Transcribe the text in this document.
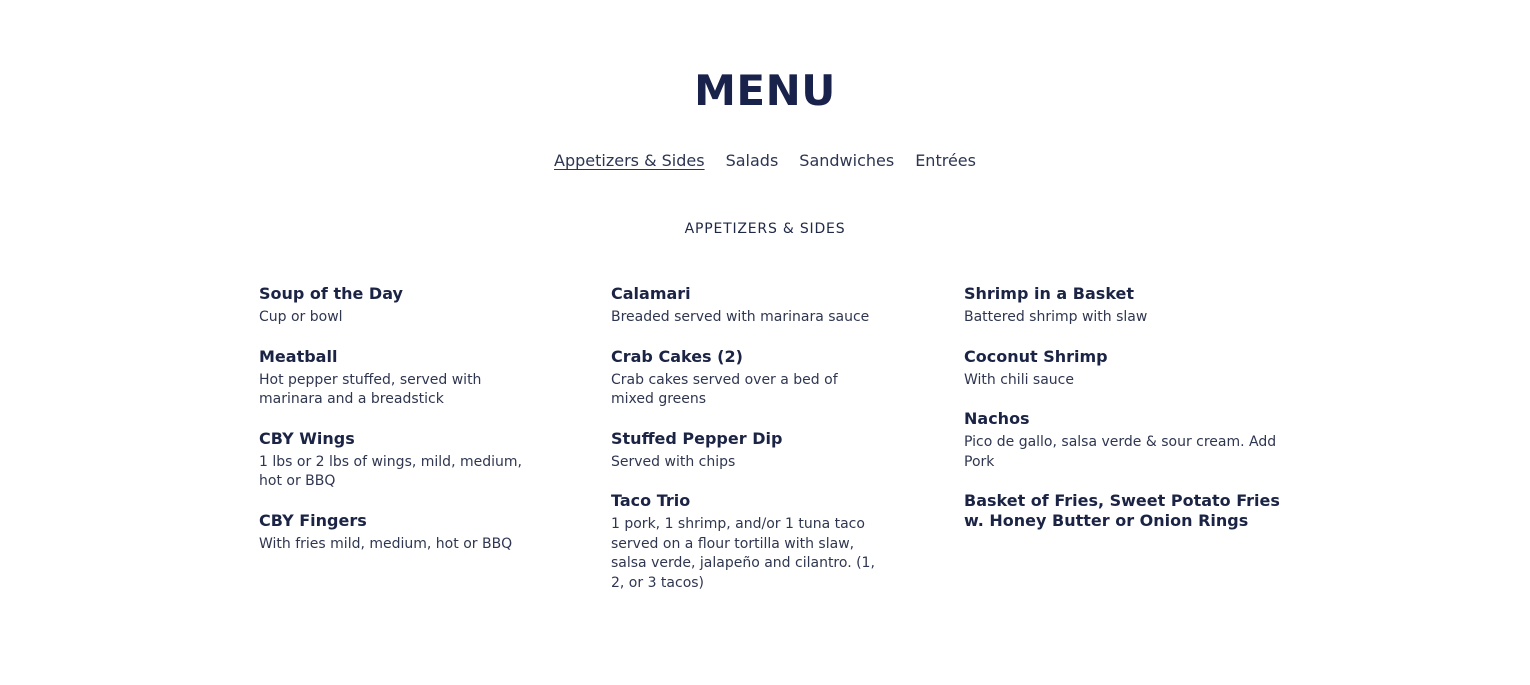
MENU
Appetizers & Sides Salads Sandwiches Entrées
APPETIZERS & SIDES
Soup of the Day
Cup or bowl
Meatball
Hot pepper stuffed, served with marinara and a breadstick
CBY Wings
1 lbs or 2 lbs of wings, mild, medium, hot or BBQ
CBY Fingers
With fries mild, medium, hot or BBQ
Calamari
Breaded served with marinara sauce
Crab Cakes (2)
Crab cakes served over a bed of mixed greens
Stuffed Pepper Dip
Served with chips
Taco Trio
1 pork, 1 shrimp, and/or 1 tuna taco served on a flour tortilla with slaw, salsa verde, jalapeño and cilantro. (1, 2, or 3 tacos)
Shrimp in a Basket
Battered shrimp with slaw
Coconut Shrimp
With chili sauce
Nachos
Pico de gallo, salsa verde & sour cream. Add Pork
Basket of Fries, Sweet Potato Fries w. Honey Butter or Onion Rings
